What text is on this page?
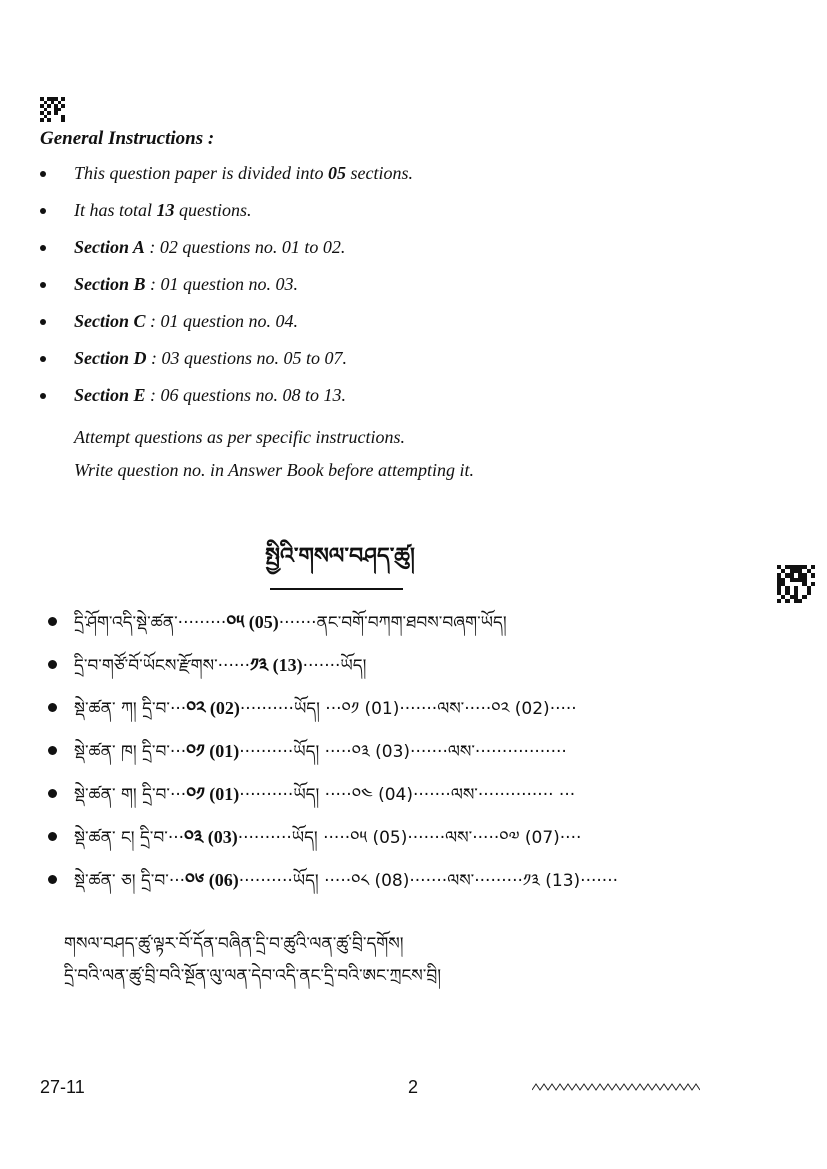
General Instructions :
This question paper is divided into 05 sections.
It has total 13 questions.
Section A : 02 questions no. 01 to 02.
Section B : 01 question no. 03.
Section C : 01 question no. 04.
Section D : 03 questions no. 05 to 07.
Section E : 06 questions no. 08 to 13.
Attempt questions as per specific instructions.
Write question no. in Answer Book before attempting it.
སྤྱིའི་གསལ་བཤད་ཚུ།
དྲི་ཤོག་འདི་སྡེ་ཚན་·········༠༥ (05)·······ནང་བགོ་བཀག་ཐབས་བཞག་ཡོད།
དྲི་བ་གཙོ་བོ་ཡོངས་རྫོགས་······༡༣ (13)·······ཡོད།
སྡེ་ཚན་ ཀ། དྲི་བ་···༠༢ (02)··········ཡོད། ···༠༡ (01)·······ལས་·····༠༢ (02)·····
སྡེ་ཚན་ ཁ། དྲི་བ་···༠༡ (01)··········ཡོད། ·····༠༣ (03)·······ལས་·················
སྡེ་ཚན་ ག། དྲི་བ་···༠༡ (01)··········ཡོད། ·····༠༤ (04)·······ལས་·············· ···
སྡེ་ཚན་ ང། དྲི་བ་···༠༣ (03)··········ཡོད། ·····༠༥ (05)·······ལས་·····༠༧ (07)····
སྡེ་ཚན་ ཅ། དྲི་བ་···༠༦ (06)··········ཡོད། ·····༠༨ (08)·······ལས་·········༡༣ (13)·······
གསལ་བཤད་ཚུ་ལྟར་བོ་དོན་བཞིན་དྲི་བ་ཚུའི་ལན་ཚུ་བྲི་དགོས།
དྲི་བའི་ལན་ཚུ་བྲི་བའི་སྔོན་ལུ་ལན་དེབ་འདི་ནང་དྲི་བའི་ཨང་ཀྲངས་བྲི།
27-11	2
